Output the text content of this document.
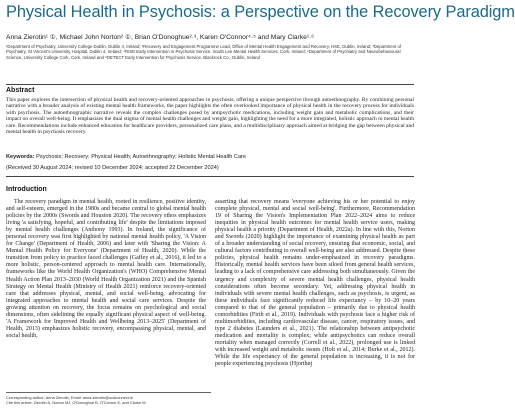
Physical Health in Psychosis: a Perspective on the Recovery Paradigm
Anna Zierotin¹ ①, Michael John Norton² ①, Brian O'Donoghue²·³, Karen O'Connor⁴·⁵ and Mary Clarke¹·⁶
¹Department of Psychiatry, University College Dublin, Dublin 4, Ireland; ²Recovery and Engagement Programme Lead, Office of Mental Health Engagement and Recovery, HSE, Dublin, Ireland; ³Department of Psychiatry, St Vincent's University Hospital, Dublin 4, Ireland; ⁴RISE Early Intervention in Psychosis Service, South Lee Mental Health Services, Cork, Ireland; ⁵Department of Psychiatry and Neurobehavioural Science, University College Cork, Cork, Ireland and ⁶DETECT Early Intervention for Psychosis Service, Blackrock Co., Dublin, Ireland
Abstract
This paper explores the intersection of physical health and recovery-oriented approaches in psychosis, offering a unique perspective through autoethnography. By combining personal narrative with a broader analysis of existing mental health frameworks, the paper highlights the often overlooked importance of physical health in the recovery process for individuals with psychosis. The autoethnographic narrative reveals the complex challenges posed by antipsychotic medications, including weight gain and metabolic complications, and their impact on overall well-being. It emphasizes the dual stigma of mental health challenges and weight gain, highlighting the need for a more integrated, holistic approach to mental health care. Recommendations include enhanced education for healthcare providers, personalized care plans, and a multidisciplinary approach aimed at bridging the gap between physical and mental health in psychosis recovery.
Keywords: Psychosis; Recovery; Physical Health; Autoethnography; Holistic Mental Health Care
(Received 30 August 2024; revised 10 December 2024; accepted 22 December 2024)
Introduction

The recovery paradigm in mental health, rooted in resilience, positive identity, and self-esteem, emerged in the 1980s and became central to global mental health policies by the 2000s (Swords and Houston 2020). The recovery ethos emphasizes living 'a satisfying, hopeful, and contributing life' despite the limitations imposed by mental health challenges (Anthony 1993). In Ireland, the significance of personal recovery was first highlighted by national mental health policy, 'A Vision for Change' (Department of Health, 2006) and later with 'Sharing the Vision: A Mental Health Policy for Everyone' (Department of Health, 2020). While the transition from policy to practice faced challenges (Gaffey et al., 2016), it led to a more holistic, person-centered approach to mental health care. Internationally, frameworks like the World Health Organization's (WHO) Comprehensive Mental Health Action Plan 2013–2030 (World Health Organization 2021) and the Spanish Strategy on Mental Health (Ministry of Health 2021) reinforce recovery-oriented care that addresses physical, mental, and social well-being, advocating for integrated approaches to mental health and social care services. Despite the growing attention on recovery, the focus remains on psychological and social dimensions, often sidelining the equally significant physical aspect of well-being. 'A Framework for Improved Health and Wellbeing 2013–2025' (Department of Health, 2013) emphasizes holistic recovery, encompassing physical, mental, and social health,

asserting that recovery means 'everyone achieving his or her potential to enjoy complete physical, mental and social well-being'. Furthermore, Recommendation 19 of Sharing the Vision's Implementation Plan 2022–2024 aims to reduce inequities in physical health outcomes for mental health service users, making physical health a priority (Department of Health, 2022a). In line with this, Norton and Swords (2020) highlight the importance of examining physical health as part of a broader understanding of social recovery, ensuring that economic, social, and cultural factors contributing to overall well-being are also addressed. Despite these policies, physical health remains under-emphasized in recovery paradigms. Historically, mental health services have been siloed from general health services, leading to a lack of comprehensive care addressing both simultaneously. Given the urgency and complexity of severe mental health challenges, physical health considerations often become secondary. Yet, addressing physical health in individuals with severe mental health challenges, such as psychosis, is urgent, as these individuals face significantly reduced life expectancy – by 10–20 years compared to that of the general population – primarily due to physical health comorbidities (Firth et al., 2019). Individuals with psychosis face a higher risk of multimorbidities, including cardiovascular disease, cancer, respiratory issues, and type 2 diabetes (Launders et al., 2021). The relationship between antipsychotic medication and mortality is complex; while antipsychotics can reduce overall mortality when managed correctly (Correll et al., 2022), prolonged use is linked with increased weight and metabolic issues (Holt et al., 2014; Burke et al., 2012). While the life expectancy of the general population is increasing, it is not for people experiencing psychosis (Hjorthøj

Corresponding author: Anna Zierotin; Email: anna.zierotin@ucdconnect.ie
Cite this article: Zierotin A, Norton MJ, O'Donoghue B, O'Connor K, and Clarke M.
